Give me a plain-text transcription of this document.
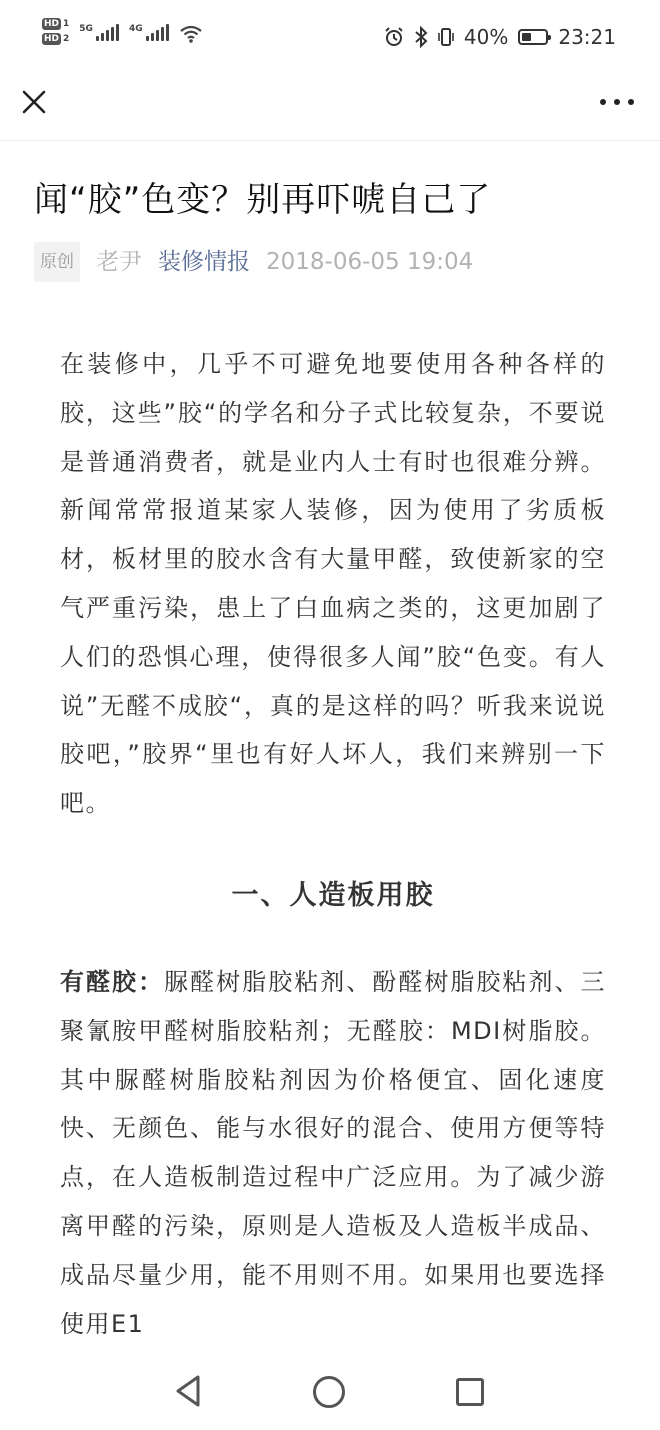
HD 1
HD 2
5G	4G	40%	23:21
闻“胶”色变？别再吓唬自己了
原创 老尹 装修情报 2018-06-05 19:04

在装修中，几乎不可避免地要使用各种各样的胶，这些”胶“的学名和分子式比较复杂，不要说是普通消费者，就是业内人士有时也很难分辨。新闻常常报道某家人装修，因为使用了劣质板材，板材里的胶水含有大量甲醛，致使新家的空气严重污染，患上了白血病之类的，这更加剧了人们的恐惧心理，使得很多人闻”胶“色变。有人说”无醛不成胶“，真的是这样的吗？听我来说说胶吧，”胶界“里也有好人坏人，我们来辨别一下吧。

一、人造板用胶

有醛胶：脲醛树脂胶粘剂、酚醛树脂胶粘剂、三聚氰胺甲醛树脂胶粘剂；无醛胶：MDI树脂胶。其中脲醛树脂胶粘剂因为价格便宜、固化速度快、无颜色、能与水很好的混合、使用方便等特点，在人造板制造过程中广泛应用。为了减少游离甲醛的污染，原则是人造板及人造板半成品、成品尽量少用，能不用则不用。如果用也要选择使用E1
